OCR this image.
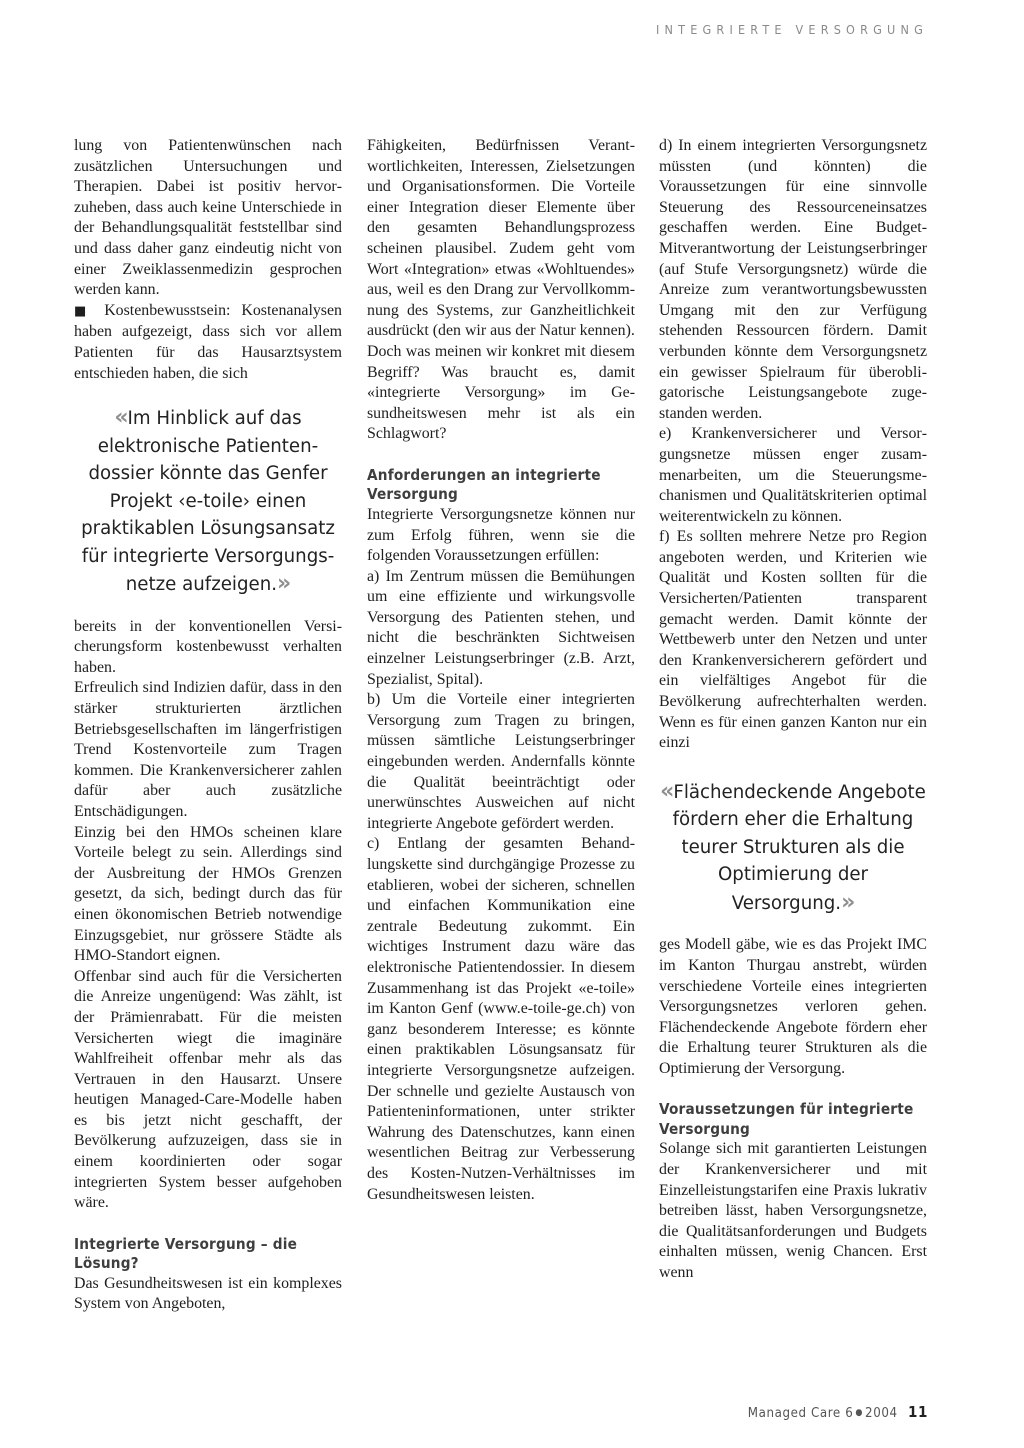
INTEGRIERTE VERSORGUNG

lung von Patientenwünschen nach zusätzlichen Untersuchungen und Therapien. Dabei ist positiv hervorzuheben, dass auch keine Unterschiede in der Behandlungsqualität feststellbar sind und dass daher ganz eindeutig nicht von einer Zweiklassenmedizin gesprochen werden kann.

■ Kostenbewusstsein: Kostenanalysen haben aufgezeigt, dass sich vor allem Patienten für das Hausarztsystem entschieden haben, die sich

«Im Hinblick auf das elektronische Patientendossier könnte das Genfer Projekt ‹e-toile› einen praktikablen Lösungsansatz für integrierte Versorgungsnetze aufzeigen.»

bereits in der konventionellen Versicherungsform kostenbewusst verhalten haben.

Erfreulich sind Indizien dafür, dass in den stärker strukturierten ärztlichen Betriebsgesellschaften im längerfristigen Trend Kostenvorteile zum Tragen kommen. Die Krankenversicherer zahlen dafür aber auch zusätzliche Entschädigungen.

Einzig bei den HMOs scheinen klare Vorteile belegt zu sein. Allerdings sind der Ausbreitung der HMOs Grenzen gesetzt, da sich, bedingt durch das für einen ökonomischen Betrieb notwendige Einzugsgebiet, nur grössere Städte als HMO-Standort eignen.

Offenbar sind auch für die Versicherten die Anreize ungenügend: Was zählt, ist der Prämienrabatt. Für die meisten Versicherten wiegt die imaginäre Wahlfreiheit offenbar mehr als das Vertrauen in den Hausarzt. Unsere heutigen Managed-Care-Modelle haben es bis jetzt nicht geschafft, der Bevölkerung aufzuzeigen, dass sie in einem koordinierten oder sogar integrierten System besser aufgehoben wäre.

Integrierte Versorgung – die Lösung?

Das Gesundheitswesen ist ein komplexes System von Angeboten,

Fähigkeiten, Bedürfnissen Verantwortlichkeiten, Interessen, Zielsetzungen und Organisationsformen. Die Vorteile einer Integration dieser Elemente über den gesamten Behandlungsprozess scheinen plausibel. Zudem geht vom Wort «Integration» etwas «Wohltuendes» aus, weil es den Drang zur Vervollkommnung des Systems, zur Ganzheitlichkeit ausdrückt (den wir aus der Natur kennen).

Doch was meinen wir konkret mit diesem Begriff? Was braucht es, damit «integrierte Versorgung» im Gesundheitswesen mehr ist als ein Schlagwort?

Anforderungen an integrierte Versorgung

Integrierte Versorgungsnetze können nur zum Erfolg führen, wenn sie die folgenden Voraussetzungen erfüllen:

a) Im Zentrum müssen die Bemühungen um eine effiziente und wirkungsvolle Versorgung des Patienten stehen, und nicht die beschränkten Sichtweisen einzelner Leistungserbringer (z.B. Arzt, Spezialist, Spital).

b) Um die Vorteile einer integrierten Versorgung zum Tragen zu bringen, müssen sämtliche Leistungserbringer eingebunden werden. Andernfalls könnte die Qualität beeinträchtigt oder unerwünschtes Ausweichen auf nicht integrierte Angebote gefördert werden.

c) Entlang der gesamten Behandlungskette sind durchgängige Prozesse zu etablieren, wobei der sicheren, schnellen und einfachen Kommunikation eine zentrale Bedeutung zukommt. Ein wichtiges Instrument dazu wäre das elektronische Patientendossier. In diesem Zusammenhang ist das Projekt «e-toile» im Kanton Genf (www.e-toile-ge.ch) von ganz besonderem Interesse; es könnte einen praktikablen Lösungsansatz für integrierte Versorgungsnetze aufzeigen. Der schnelle und gezielte Austausch von Patienteninformationen, unter strikter Wahrung des Datenschutzes, kann einen wesentlichen Beitrag zur Verbesserung des Kosten-Nutzen-Verhältnisses im Gesundheitswesen leisten.

d) In einem integrierten Versorgungsnetz müssten (und könnten) die Voraussetzungen für eine sinnvolle Steuerung des Ressourceneinsatzes geschaffen werden. Eine Budget-Mitverantwortung der Leistungserbringer (auf Stufe Versorgungsnetz) würde die Anreize zum verantwortungsbewussten Umgang mit den zur Verfügung stehenden Ressourcen fördern. Damit verbunden könnte dem Versorgungsnetz ein gewisser Spielraum für überobligatorische Leistungsangebote zugestanden werden.

e) Krankenversicherer und Versorgungsnetze müssen enger zusammenarbeiten, um die Steuerungsmechanismen und Qualitätskriterien optimal weiterentwickeln zu können.

f) Es sollten mehrere Netze pro Region angeboten werden, und Kriterien wie Qualität und Kosten sollten für die Versicherten/Patienten transparent gemacht werden. Damit könnte der Wettbewerb unter den Netzen und unter den Krankenversicherern gefördert und ein vielfältiges Angebot für die Bevölkerung aufrechterhalten werden. Wenn es für einen ganzen Kanton nur ein einzi

«Flächendeckende Angebote fördern eher die Erhaltung teurer Strukturen als die Optimierung der Versorgung.»

ges Modell gäbe, wie es das Projekt IMC im Kanton Thurgau anstrebt, würden verschiedene Vorteile eines integrierten Versorgungsnetzes verloren gehen. Flächendeckende Angebote fördern eher die Erhaltung teurer Strukturen als die Optimierung der Versorgung.

Voraussetzungen für integrierte Versorgung

Solange sich mit garantierten Leistungen der Krankenversicherer und mit Einzelleistungstarifen eine Praxis lukrativ betreiben lässt, haben Versorgungsnetze, die Qualitätsanforderungen und Budgets einhalten müssen, wenig Chancen. Erst wenn

Managed Care 6 ● 2004 11
